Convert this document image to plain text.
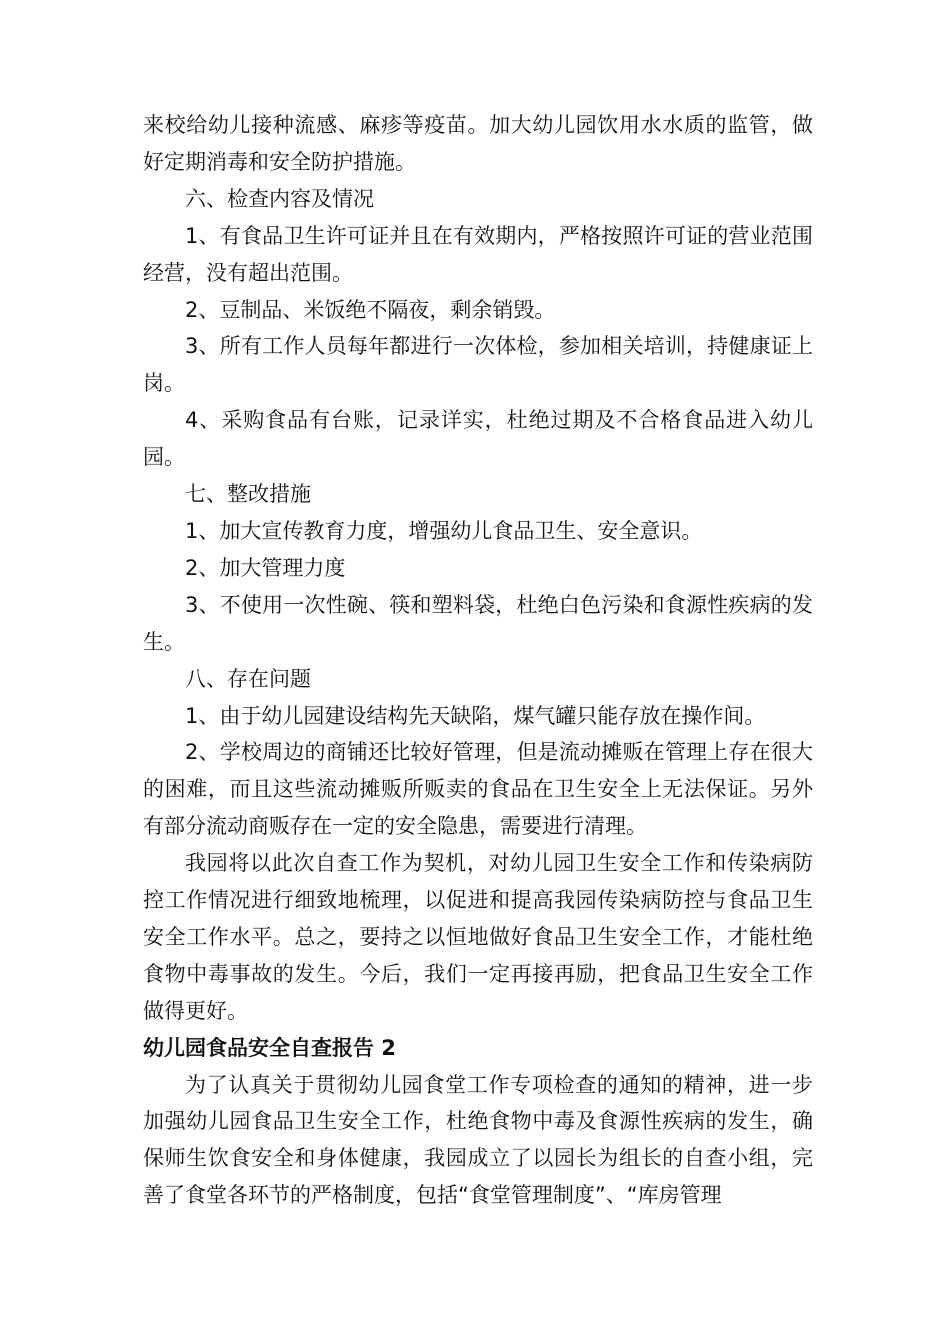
来校给幼儿接种流感、麻疹等疫苗。加大幼儿园饮用水水质的监管，做好定期消毒和安全防护措施。

六、检查内容及情况

1、有食品卫生许可证并且在有效期内，严格按照许可证的营业范围经营，没有超出范围。

2、豆制品、米饭绝不隔夜，剩余销毁。

3、所有工作人员每年都进行一次体检，参加相关培训，持健康证上岗。

4、采购食品有台账，记录详实，杜绝过期及不合格食品进入幼儿园。

七、整改措施

1、加大宣传教育力度，增强幼儿食品卫生、安全意识。

2、加大管理力度

3、不使用一次性碗、筷和塑料袋，杜绝白色污染和食源性疾病的发生。

八、存在问题

1、由于幼儿园建设结构先天缺陷，煤气罐只能存放在操作间。

2、学校周边的商铺还比较好管理，但是流动摊贩在管理上存在很大的困难，而且这些流动摊贩所贩卖的食品在卫生安全上无法保证。另外有部分流动商贩存在一定的安全隐患，需要进行清理。

我园将以此次自查工作为契机，对幼儿园卫生安全工作和传染病防控工作情况进行细致地梳理，以促进和提高我园传染病防控与食品卫生安全工作水平。总之，要持之以恒地做好食品卫生安全工作，才能杜绝食物中毒事故的发生。今后，我们一定再接再励，把食品卫生安全工作做得更好。

幼儿园食品安全自查报告 2

为了认真关于贯彻幼儿园食堂工作专项检查的通知的精神，进一步加强幼儿园食品卫生安全工作，杜绝食物中毒及食源性疾病的发生，确保师生饮食安全和身体健康，我园成立了以园长为组长的自查小组，完善了食堂各环节的严格制度，包括“食堂管理制度”、“库房管理
